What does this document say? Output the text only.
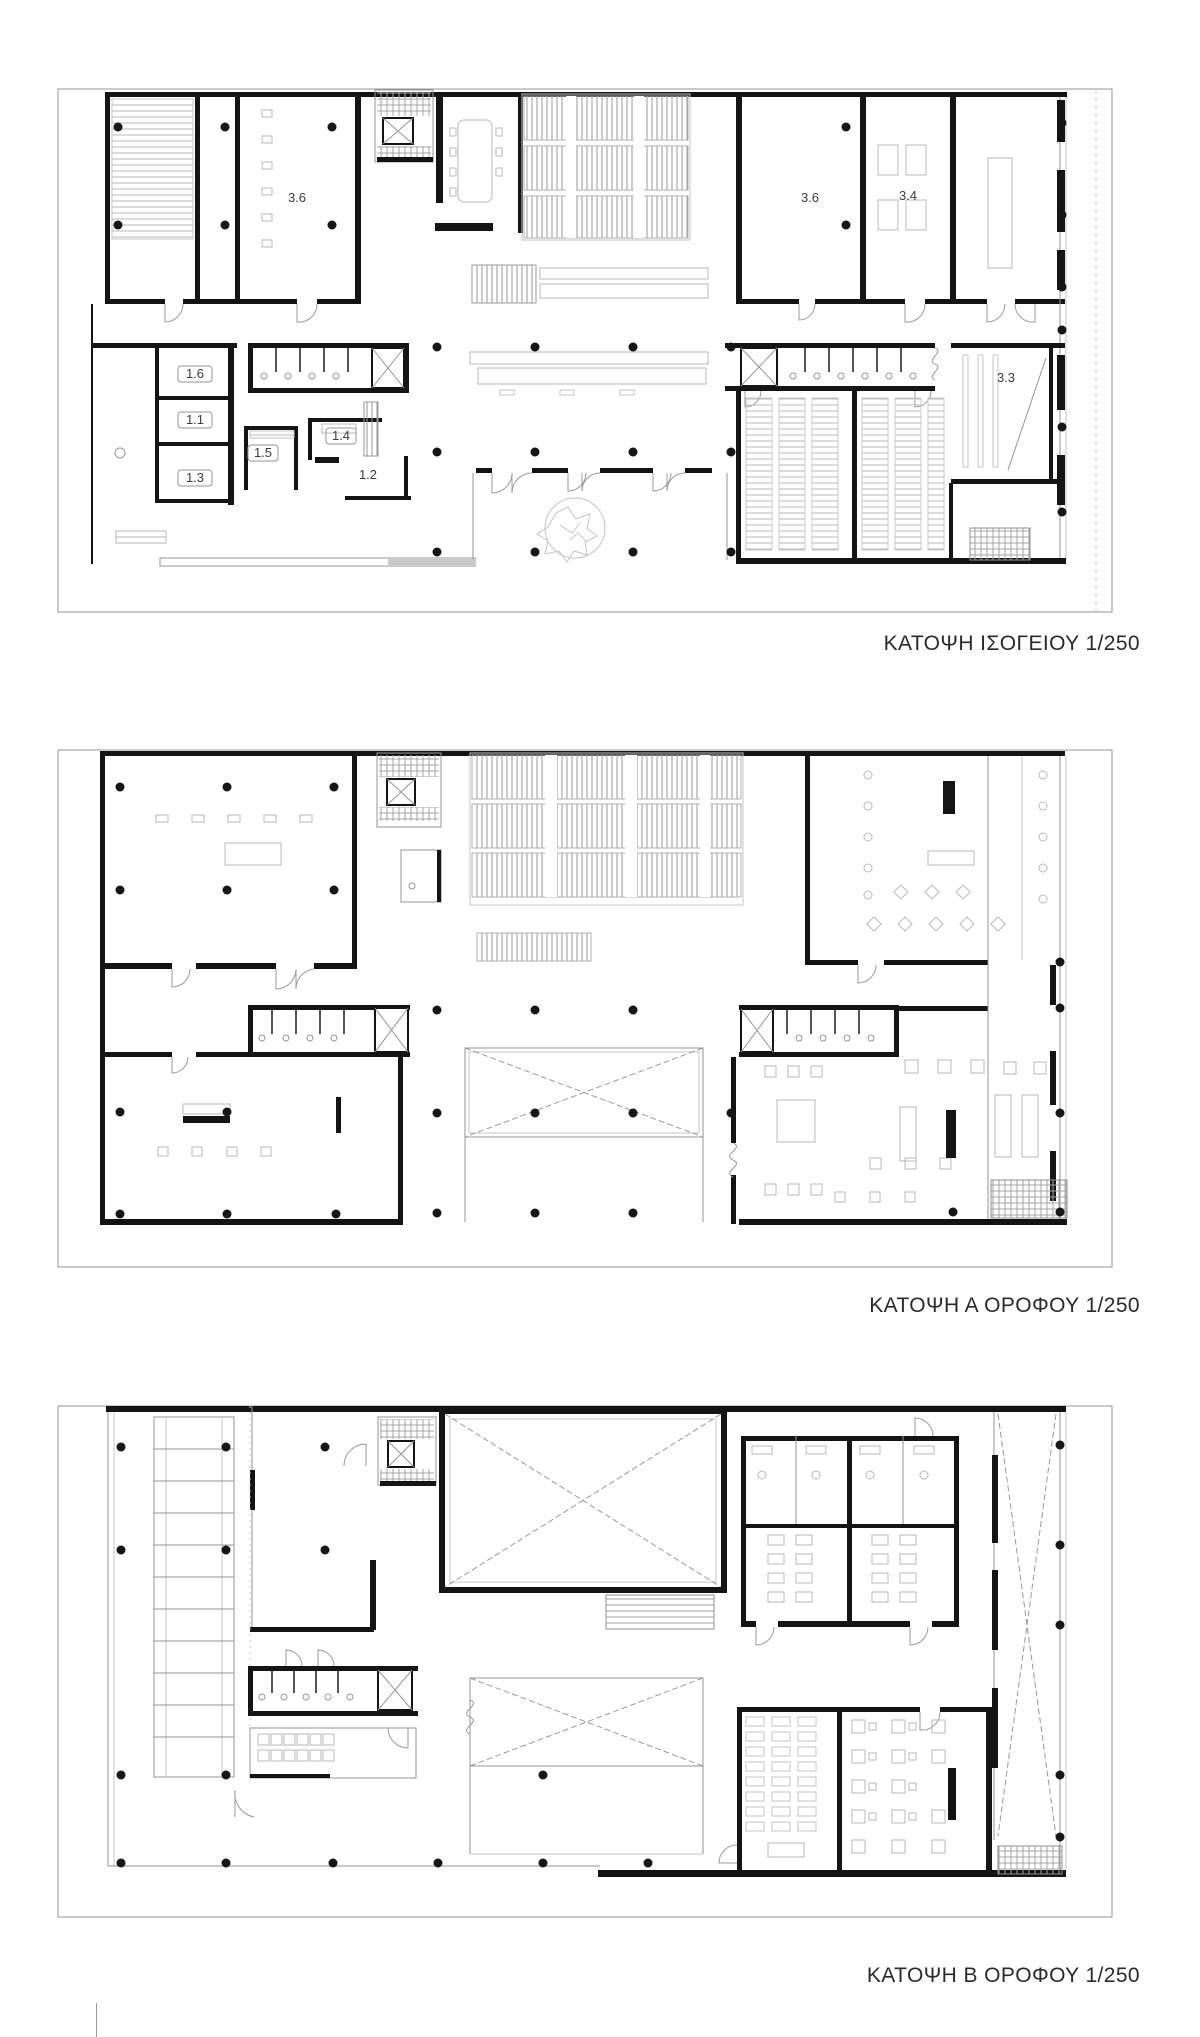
3.6	3.6	3.4
3.3
1.6
1.1
1.3
1.5
1.4
1.2
ΚΑΤΟΨΗ ΙΣΟΓΕΙΟΥ 1/250
ΚΑΤΟΨΗ Α ΟΡΟΦΟΥ 1/250
ΚΑΤΟΨΗ Β ΟΡΟΦΟΥ 1/250
